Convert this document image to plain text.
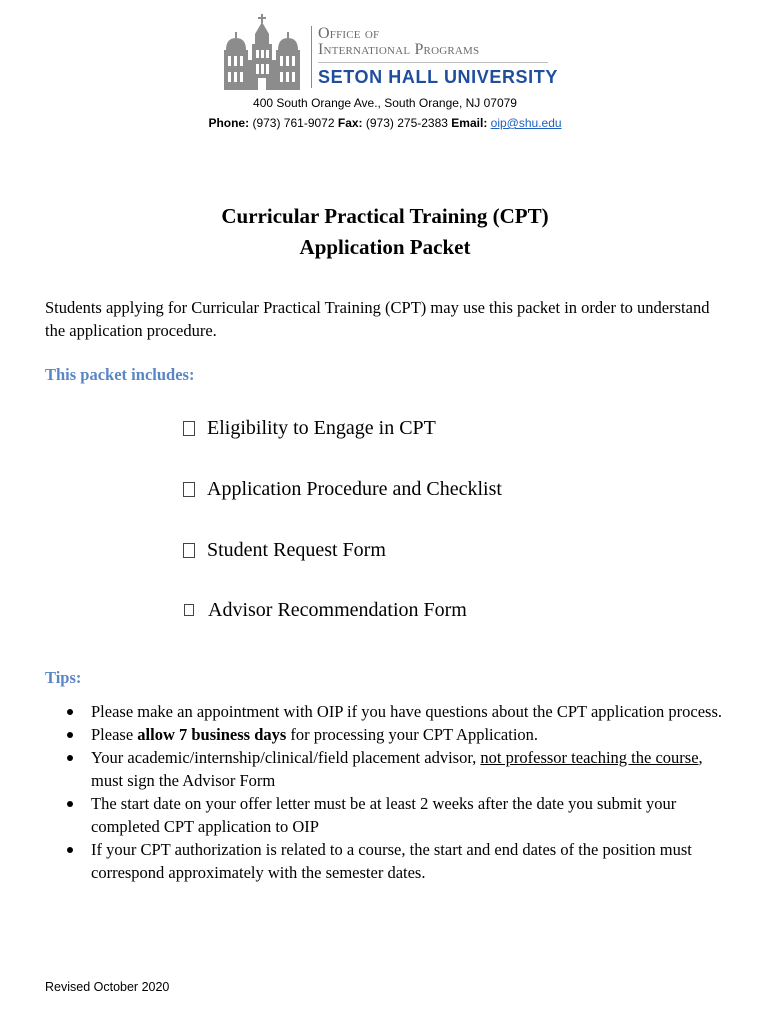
Office of
International Programs
SETON HALL UNIVERSITY
400 South Orange Ave., South Orange, NJ 07079
Phone: (973) 761-9072 Fax: (973) 275-2383 Email: oip@shu.edu
Curricular Practical Training (CPT)
Application Packet
Students applying for Curricular Practical Training (CPT) may use this packet in order to understand the application procedure.
This packet includes:
Eligibility to Engage in CPT
Application Procedure and Checklist
Student Request Form
Advisor Recommendation Form
Tips:
Please make an appointment with OIP if you have questions about the CPT application process.
Please allow 7 business days for processing your CPT Application.
Your academic/internship/clinical/field placement advisor, not professor teaching the course, must sign the Advisor Form
The start date on your offer letter must be at least 2 weeks after the date you submit your completed CPT application to OIP
If your CPT authorization is related to a course, the start and end dates of the position must correspond approximately with the semester dates.
Revised October 2020
